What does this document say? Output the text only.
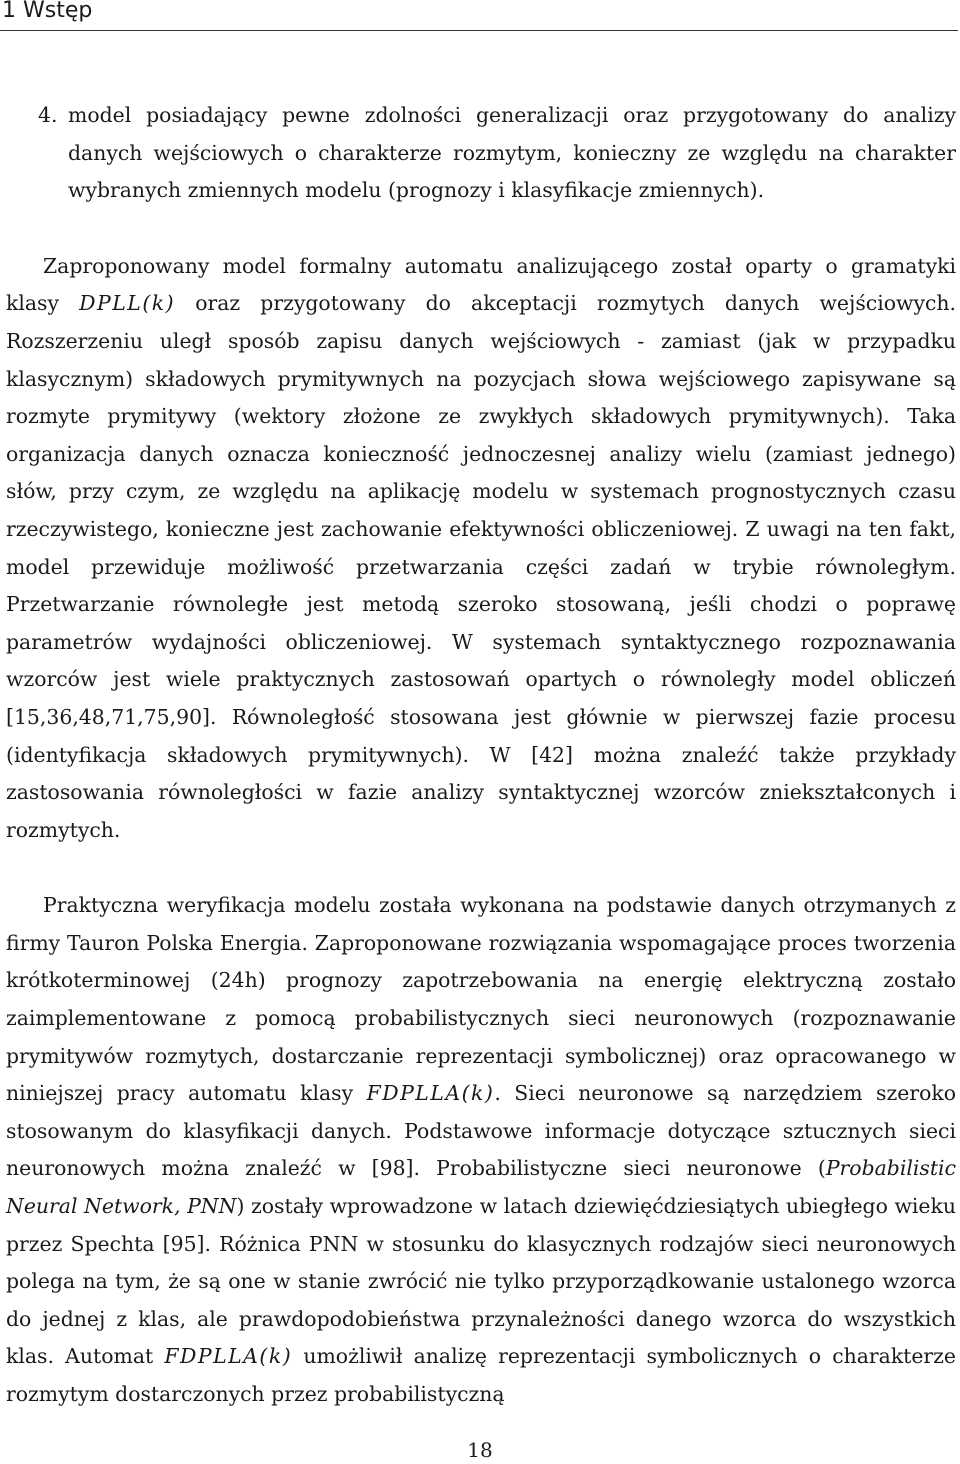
1 Wstęp
4. model posiadający pewne zdolności generalizacji oraz przygotowany do analizy danych wejściowych o charakterze rozmytym, konieczny ze względu na charakter wybranych zmiennych modelu (prognozy i klasyfikacje zmiennych).

Zaproponowany model formalny automatu analizującego został oparty o gramatyki klasy DPLL(k) oraz przygotowany do akceptacji rozmytych danych wejściowych. Rozszerzeniu uległ sposób zapisu danych wejściowych - zamiast (jak w przypadku klasycznym) składowych prymitywnych na pozycjach słowa wejściowego zapisywane są rozmyte prymitywy (wektory złożone ze zwykłych składowych prymitywnych). Taka organizacja danych oznacza konieczność jednoczesnej analizy wielu (zamiast jednego) słów, przy czym, ze względu na aplikację modelu w systemach prognostycznych czasu rzeczywistego, konieczne jest zachowanie efektywności obliczeniowej. Z uwagi na ten fakt, model przewiduje możliwość przetwarzania części zadań w trybie równoległym. Przetwarzanie równoległe jest metodą szeroko stosowaną, jeśli chodzi o poprawę parametrów wydajności obliczeniowej. W systemach syntaktycznego rozpoznawania wzorców jest wiele praktycznych zastosowań opartych o równoległy model obliczeń [15,36,48,71,75,90]. Równoległość stosowana jest głównie w pierwszej fazie procesu (identyfikacja składowych prymitywnych). W [42] można znaleźć także przykłady zastosowania równoległości w fazie analizy syntaktycznej wzorców zniekształconych i rozmytych.

Praktyczna weryfikacja modelu została wykonana na podstawie danych otrzymanych z firmy Tauron Polska Energia. Zaproponowane rozwiązania wspomagające proces tworzenia krótkoterminowej (24h) prognozy zapotrzebowania na energię elektryczną zostało zaimplementowane z pomocą probabilistycznych sieci neuronowych (rozpoznawanie prymitywów rozmytych, dostarczanie reprezentacji symbolicznej) oraz opracowanego w niniejszej pracy automatu klasy FDPLLA(k). Sieci neuronowe są narzędziem szeroko stosowanym do klasyfikacji danych. Podstawowe informacje dotyczące sztucznych sieci neuronowych można znaleźć w [98]. Probabilistyczne sieci neuronowe (Probabilistic Neural Network, PNN) zostały wprowadzone w latach dziewięćdziesiątych ubiegłego wieku przez Spechta [95]. Różnica PNN w stosunku do klasycznych rodzajów sieci neuronowych polega na tym, że są one w stanie zwrócić nie tylko przyporządkowanie ustalonego wzorca do jednej z klas, ale prawdopodobieństwa przynależności danego wzorca do wszystkich klas. Automat FDPLLA(k) umożliwił analizę reprezentacji symbolicznych o charakterze rozmytym dostarczonych przez probabilistyczną

18
